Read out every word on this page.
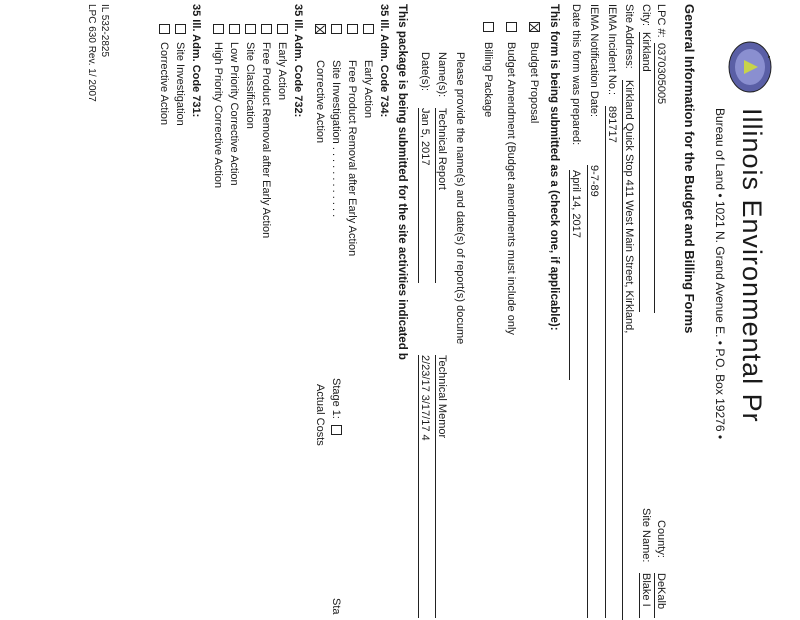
Illinois Environmental Pr
Bureau of Land • 1021 N. Grand Avenue E. • P.O. Box 19276 •
General Information for the Budget and Billing Forms
LPC #:
0370305005
County:
DeKalb
City:
Kirkland
Site Name:
Blake I
Site Address:
Kirkland Quick Stop 411 West Main Street, Kirkland,
IEMA Incident No.:
891717
IEMA Notification Date:
9-7-89
Date this form was prepared:
April 14, 2017
This form is being submitted as a (check one, if applicable):
Budget Proposal
Budget Amendment (Budget amendments must include only
Billing Package
Please provide the name(s) and date(s) of report(s) docume
Name(s):
Technical Report
Technical Memor
Date(s):
Jan 5, 2017
2/23/17 3/17/17 4
This package is being submitted for the site activities indicated b
35 Ill. Adm. Code 734:
Early Action
Free Product Removal after Early Action
Site Investigation . . . . . . . . . . . .
Stage 1:
Sta
Corrective Action
Actual Costs
35 Ill. Adm. Code 732:
Early Action
Free Product Removal after Early Action
Site Classification
Low Priority Corrective Action
High Priority Corrective Action
35 Ill. Adm. Code 731:
Site Investigation
Corrective Action
IL 532-2825
LPC 630 Rev. 1/ 2007
